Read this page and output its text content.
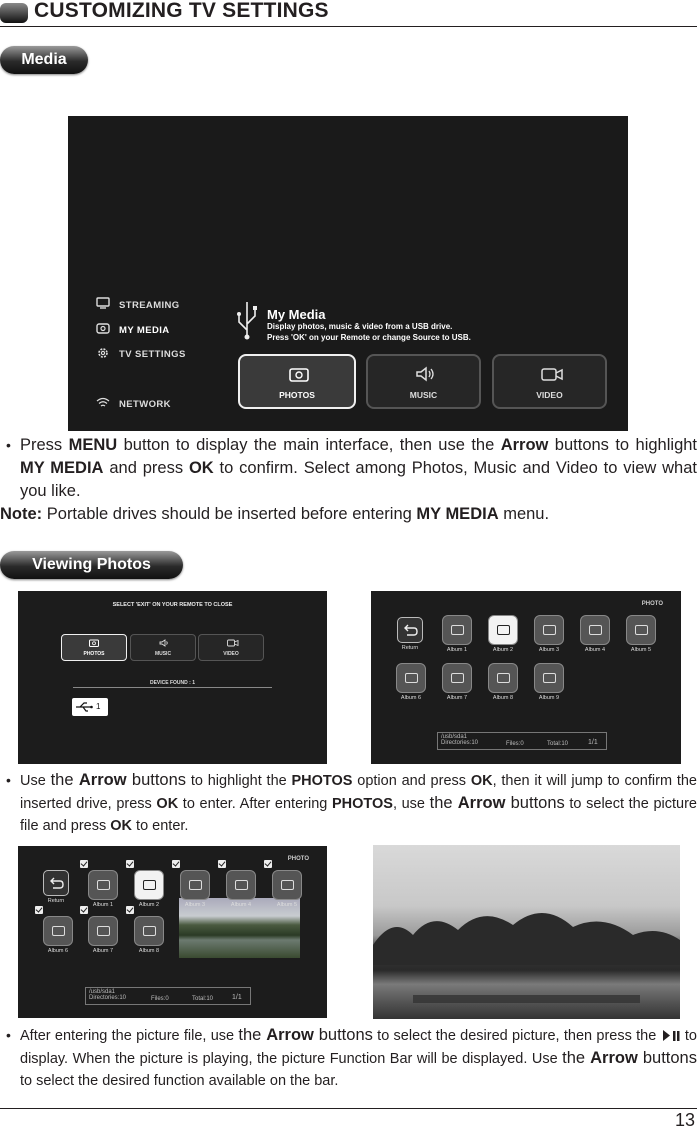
CUSTOMIZING TV SETTINGS
Media
STREAMING
MY MEDIA
TV SETTINGS
NETWORK
My Media
Display photos, music & video from a USB drive.
Press 'OK' on your Remote or change Source to USB.
PHOTOS	MUSIC	VIDEO
• Press MENU button to display the main interface, then use the Arrow buttons to highlight MY MEDIA and press OK to confirm. Select among Photos, Music and Video to view what you like.
Note: Portable drives should be inserted before entering MY MEDIA menu.
Viewing Photos
SELECT 'EXIT' ON YOUR REMOTE TO CLOSE
PHOTOS	MUSIC	VIDEO
DEVICE FOUND : 1
1
PHOTO
Return
/usb/sda1
Directories:10	Files:0	Total:10	1/1
Album 1	Album 2	Album 3	Album 4	Album 5
Album 6	Album 7	Album 8	Album 9
• Use the Arrow buttons to highlight the PHOTOS option and press OK, then it will jump to confirm the inserted drive, press OK to enter. After entering PHOTOS, use the Arrow buttons to select the picture file and press OK to enter.
PHOTO
Return
/usb/sda1
Directories:10	Files:0	Total:10	1/1
Album 1	Album 2	Album 3	Album 4	Album 5
Album 6	Album 7	Album 8
• After entering the picture file, use the Arrow buttons to select the desired picture, then press the  to display. When the picture is playing, the picture Function Bar will be displayed. Use the Arrow buttons to select the desired function available on the bar.
13
